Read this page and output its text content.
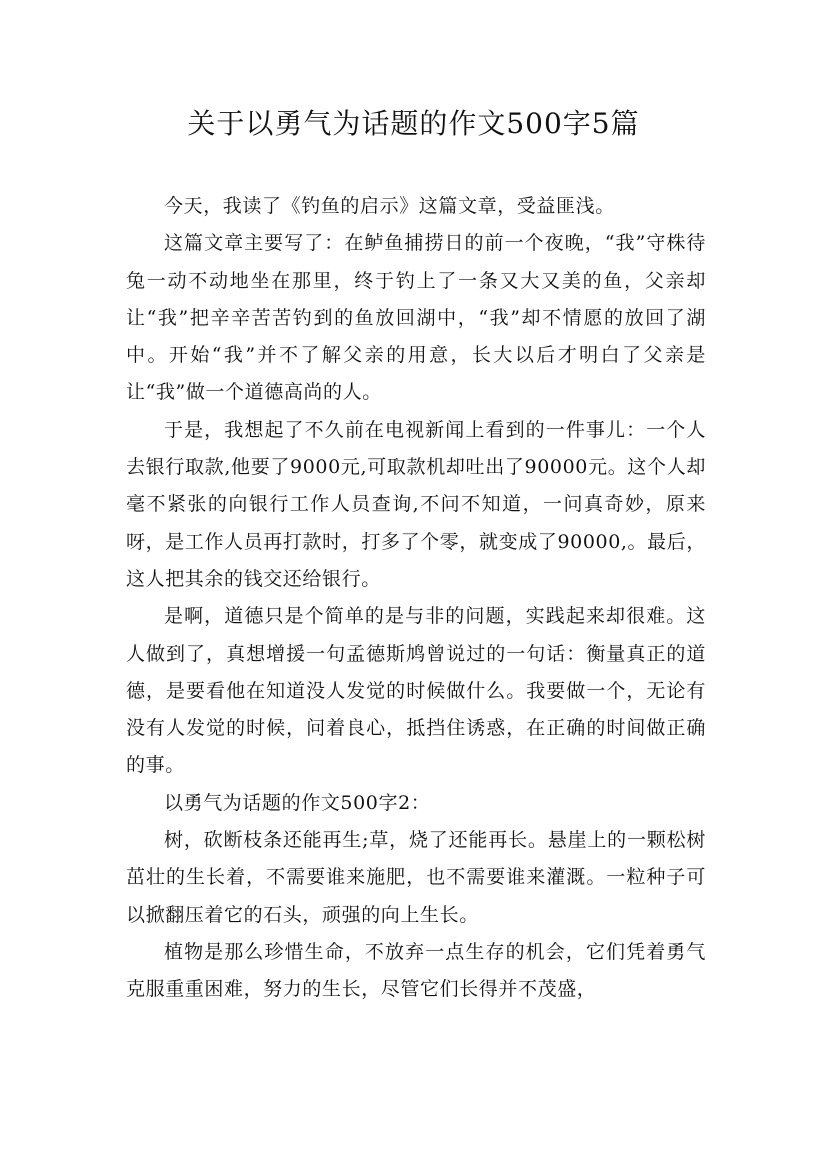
关于以勇气为话题的作文500字5篇

今天，我读了《钓鱼的启示》这篇文章，受益匪浅。

这篇文章主要写了：在鲈鱼捕捞日的前一个夜晚，“我”守株待兔一动不动地坐在那里，终于钓上了一条又大又美的鱼，父亲却让“我”把辛辛苦苦钓到的鱼放回湖中，“我”却不情愿的放回了湖中。开始“我”并不了解父亲的用意，长大以后才明白了父亲是让“我”做一个道德高尚的人。

于是，我想起了不久前在电视新闻上看到的一件事儿：一个人去银行取款,他要了9000元,可取款机却吐出了90000元。这个人却毫不紧张的向银行工作人员查询,不问不知道，一问真奇妙，原来呀，是工作人员再打款时，打多了个零，就变成了90000,。最后，这人把其余的钱交还给银行。

是啊，道德只是个简单的是与非的问题，实践起来却很难。这人做到了，真想增援一句孟德斯鸠曾说过的一句话：衡量真正的道德，是要看他在知道没人发觉的时候做什么。我要做一个，无论有没有人发觉的时候，问着良心，抵挡住诱惑，在正确的时间做正确的事。

以勇气为话题的作文500字2：

树，砍断枝条还能再生;草，烧了还能再长。悬崖上的一颗松树茁壮的生长着，不需要谁来施肥，也不需要谁来灌溉。一粒种子可以掀翻压着它的石头，顽强的向上生长。

植物是那么珍惜生命，不放弃一点生存的机会，它们凭着勇气克服重重困难，努力的生长，尽管它们长得并不茂盛，
